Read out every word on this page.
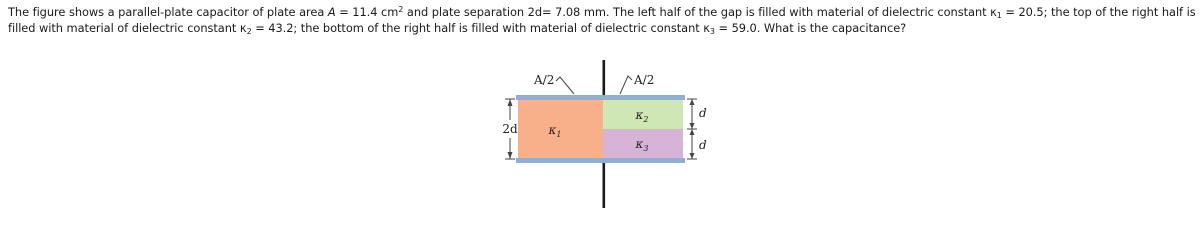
The figure shows a parallel-plate capacitor of plate area A = 11.4 $cm^2$ and plate separation 2d= 7.08 mm. The left half of the gap is filled with material of dielectric constant $\kappa_1 = 20.5$; the top of the right half is filled with material of dielectric constant $\kappa_2 = 43.2$; the bottom of the right half is filled with material of dielectric constant $\kappa_3 = 59.0$. What is the capacitance?
A/2	A/2
2d	$\kappa_1$
$\kappa_2$
$\kappa_3$
d
d
